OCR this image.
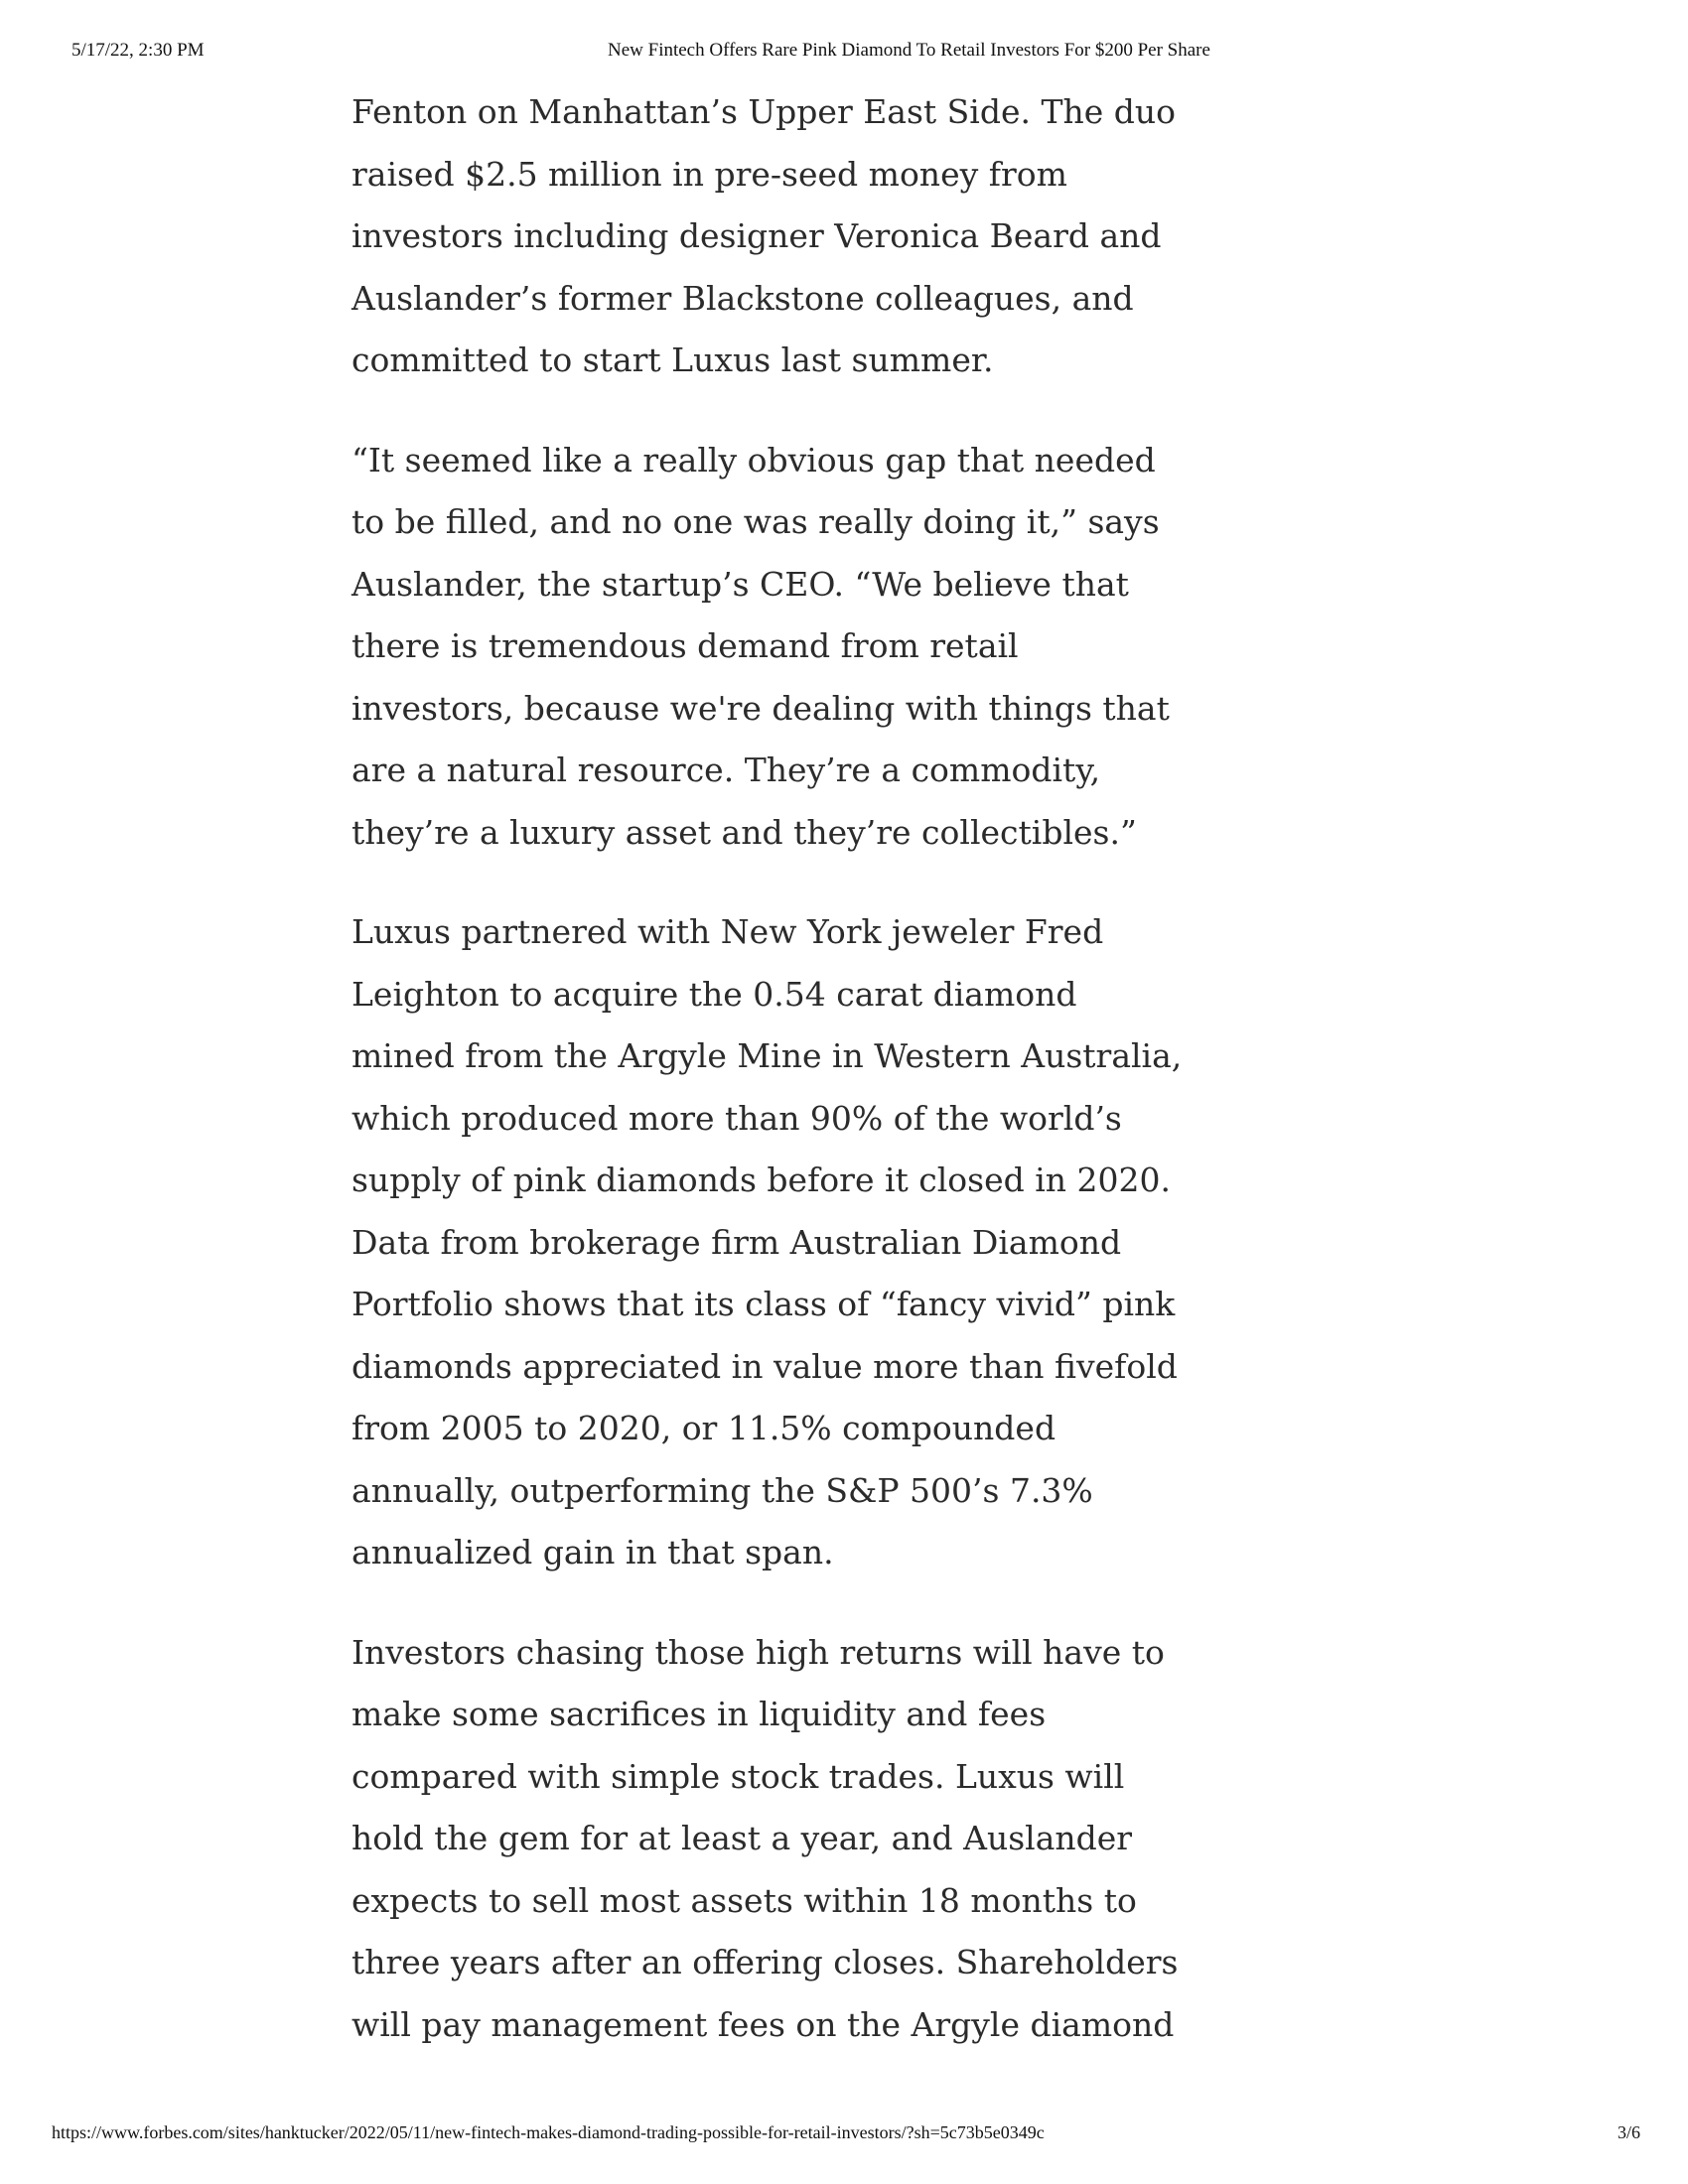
5/17/22, 2:30 PM	New Fintech Offers Rare Pink Diamond To Retail Investors For $200 Per Share

Fenton on Manhattan’s Upper East Side. The duo raised $2.5 million in pre-seed money from investors including designer Veronica Beard and Auslander’s former Blackstone colleagues, and committed to start Luxus last summer.

“It seemed like a really obvious gap that needed to be filled, and no one was really doing it,” says Auslander, the startup’s CEO. “We believe that there is tremendous demand from retail investors, because we're dealing with things that are a natural resource. They’re a commodity, they’re a luxury asset and they’re collectibles.”

Luxus partnered with New York jeweler Fred Leighton to acquire the 0.54 carat diamond mined from the Argyle Mine in Western Australia, which produced more than 90% of the world’s supply of pink diamonds before it closed in 2020. Data from brokerage firm Australian Diamond Portfolio shows that its class of “fancy vivid” pink diamonds appreciated in value more than fivefold from 2005 to 2020, or 11.5% compounded annually, outperforming the S&P 500’s 7.3% annualized gain in that span.

Investors chasing those high returns will have to make some sacrifices in liquidity and fees compared with simple stock trades. Luxus will hold the gem for at least a year, and Auslander expects to sell most assets within 18 months to three years after an offering closes. Shareholders will pay management fees on the Argyle diamond

https://www.forbes.com/sites/hanktucker/2022/05/11/new-fintech-makes-diamond-trading-possible-for-retail-investors/?sh=5c73b5e0349c	3/6
